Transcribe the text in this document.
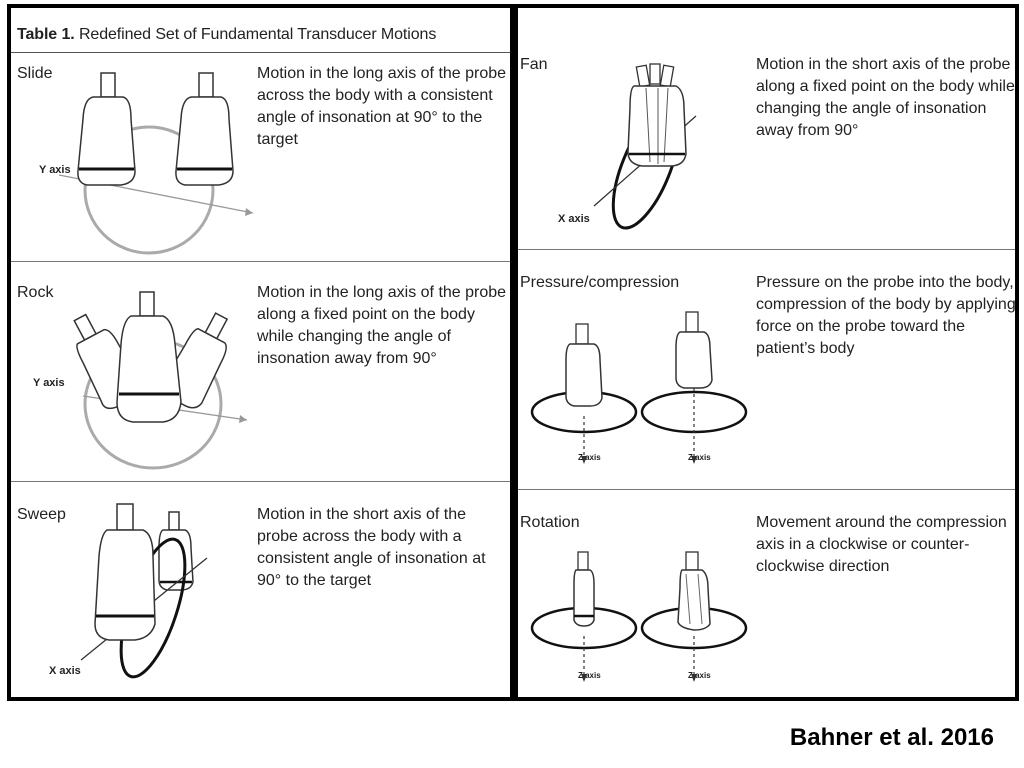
Table 1. Redefined Set of Fundamental Transducer Motions
Slide	Motion in the long axis of the probe across the body with a consistent angle of insonation at 90° to the target
Y axis
Rock	Motion in the long axis of the probe along a fixed point on the body while changing the angle of insonation away from 90°
Y axis
Sweep	Motion in the short axis of the probe across the body with a consistent angle of insonation at 90° to the target
X axis
Fan	Motion in the short axis of the probe along a fixed point on the body while changing the angle of insonation away from 90°
X axis
Pressure/compression	Pressure on the probe into the body, compression of the body by applying force on the probe toward the patient’s body
Z axis	Z axis
Rotation	Movement around the compression axis in a clockwise or counter-clockwise direction
Z axis	Z axis
Bahner et al. 2016
